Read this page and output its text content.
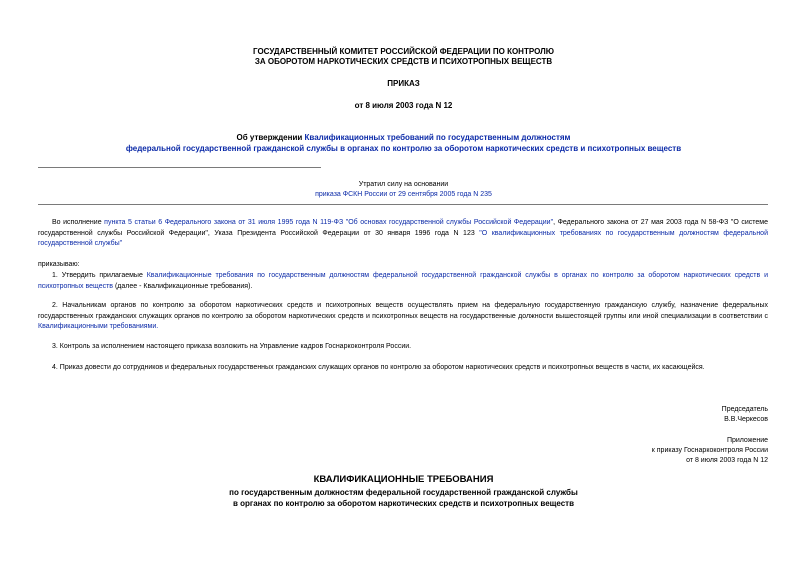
ГОСУДАРСТВЕННЫЙ КОМИТЕТ РОССИЙСКОЙ ФЕДЕРАЦИИ ПО КОНТРОЛЮ
ЗА ОБОРОТОМ НАРКОТИЧЕСКИХ СРЕДСТВ И ПСИХОТРОПНЫХ ВЕЩЕСТВ
ПРИКАЗ
от 8 июля 2003 года N 12
Об утверждении Квалификационных требований по государственным должностям
федеральной государственной гражданской службы в органах по контролю за оборотом наркотических средств и психотропных веществ
Утратил силу на основании
приказа ФСКН России от 29 сентября 2005 года N 235
Во исполнение пункта 5 статьи 6 Федерального закона от 31 июля 1995 года N 119-ФЗ "Об основах государственной службы Российской Федерации", Федерального закона от 27 мая 2003 года N 58-ФЗ "О системе государственной службы Российской Федерации", Указа Президента Российской Федерации от 30 января 1996 года N 123 "О квалификационных требованиях по государственным должностям федеральной государственной службы"
приказываю:
1. Утвердить прилагаемые Квалификационные требования по государственным должностям федеральной государственной гражданской службы в органах по контролю за оборотом наркотических средств и психотропных веществ (далее - Квалификационные требования).
2. Начальникам органов по контролю за оборотом наркотических средств и психотропных веществ осуществлять прием на федеральную государственную гражданскую службу, назначение федеральных государственных гражданских служащих органов по контролю за оборотом наркотических средств и психотропных веществ на государственные должности вышестоящей группы или иной специализации в соответствии с Квалификационными требованиями.
3. Контроль за исполнением настоящего приказа возложить на Управление кадров Госнаркоконтроля России.
4. Приказ довести до сотрудников и федеральных государственных гражданских служащих органов по контролю за оборотом наркотических средств и психотропных веществ в части, их касающейся.
Председатель
В.В.Черкесов
Приложение
к приказу Госнаркоконтроля России
от 8 июля 2003 года N 12
КВАЛИФИКАЦИОННЫЕ ТРЕБОВАНИЯ
по государственным должностям федеральной государственной гражданской службы
в органах по контролю за оборотом наркотических средств и психотропных веществ
